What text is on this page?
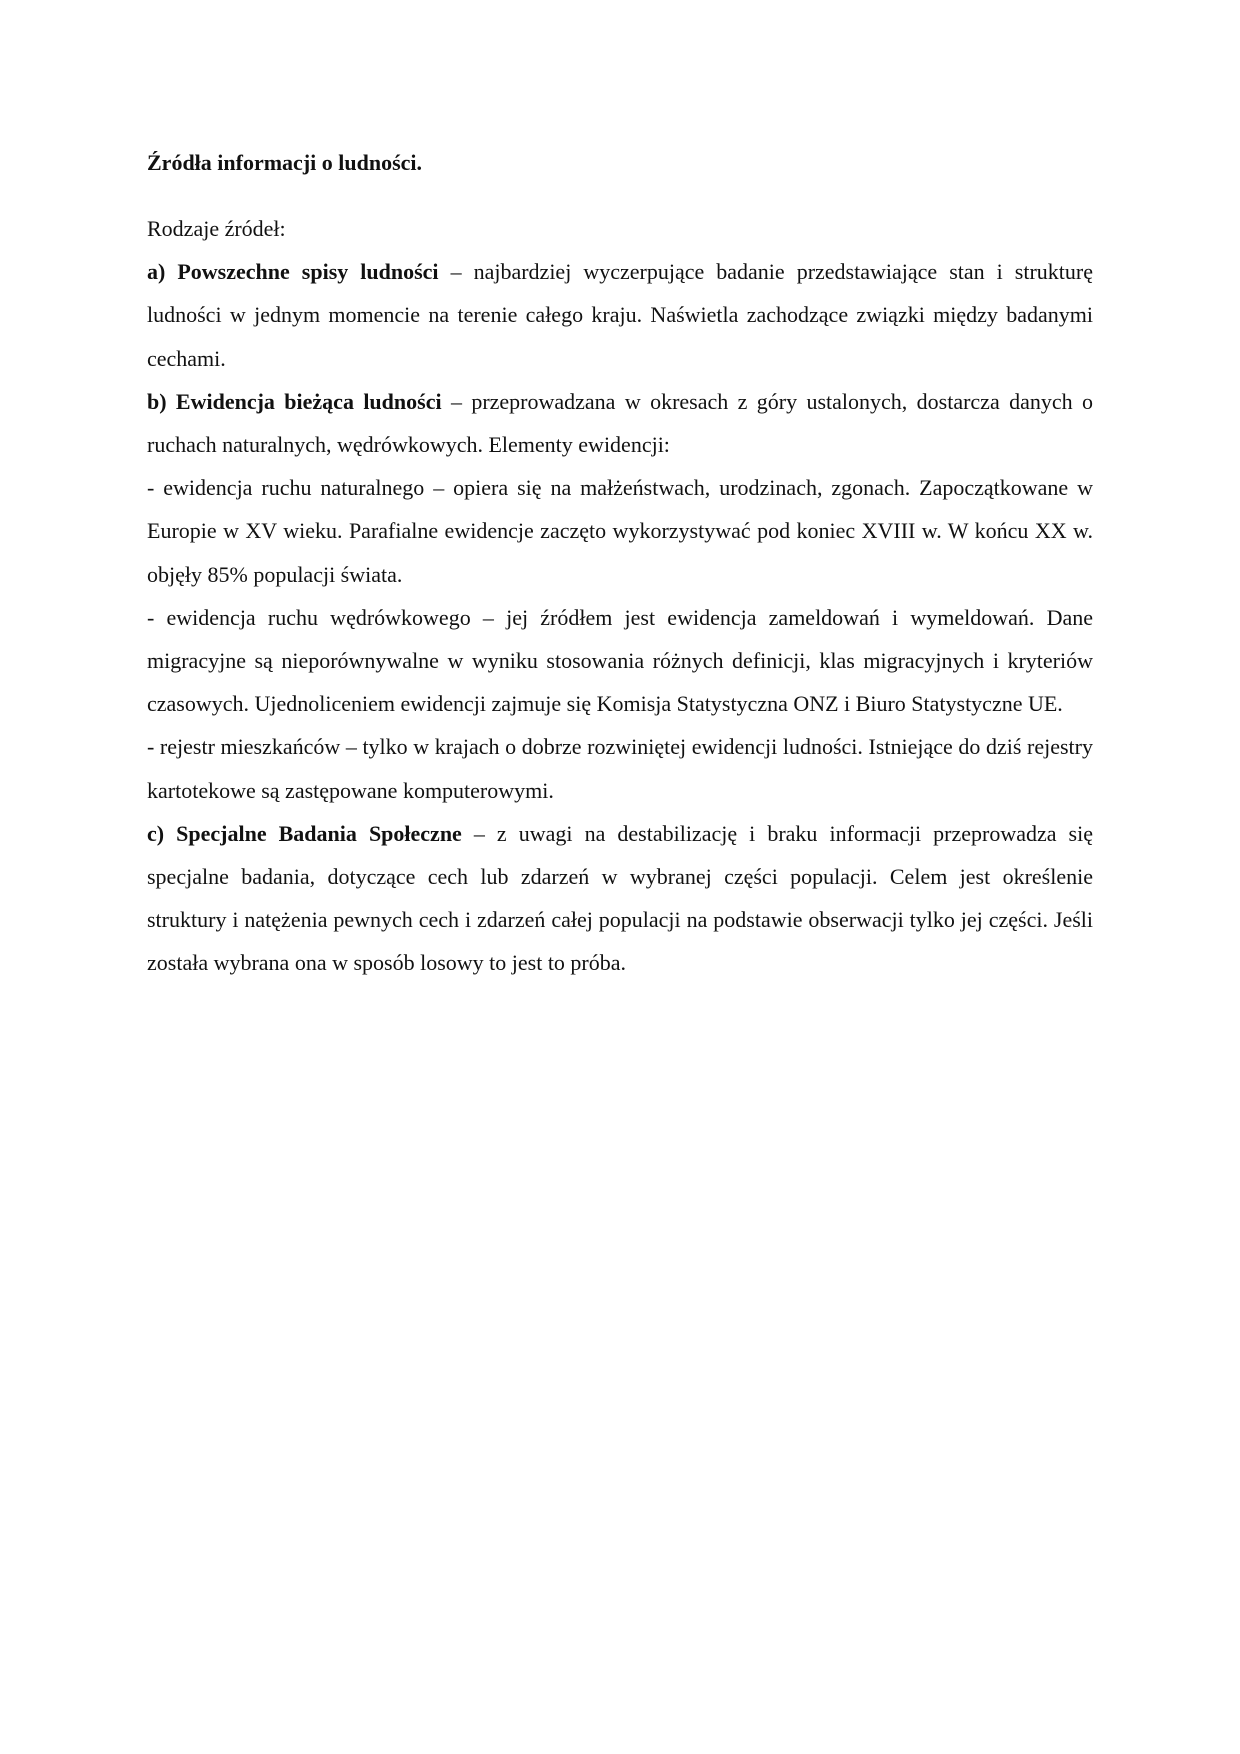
Źródła informacji o ludności.

Rodzaje źródeł:

a) Powszechne spisy ludności – najbardziej wyczerpujące badanie przedstawiające stan i strukturę ludności w jednym momencie na terenie całego kraju. Naświetla zachodzące związki między badanymi cechami.

b) Ewidencja bieżąca ludności – przeprowadzana w okresach z góry ustalonych, dostarcza danych o ruchach naturalnych, wędrówkowych. Elementy ewidencji:

- ewidencja ruchu naturalnego – opiera się na małżeństwach, urodzinach, zgonach. Zapoczątkowane w Europie w XV wieku. Parafialne ewidencje zaczęto wykorzystywać pod koniec XVIII w. W końcu XX w. objęły 85% populacji świata.

- ewidencja ruchu wędrówkowego – jej źródłem jest ewidencja zameldowań i wymeldowań. Dane migracyjne są nieporównywalne w wyniku stosowania różnych definicji, klas migracyjnych i kryteriów czasowych. Ujednoliceniem ewidencji zajmuje się Komisja Statystyczna ONZ i Biuro Statystyczne UE.

- rejestr mieszkańców – tylko w krajach o dobrze rozwiniętej ewidencji ludności. Istniejące do dziś rejestry kartotekowe są zastępowane komputerowymi.

c) Specjalne Badania Społeczne – z uwagi na destabilizację i braku informacji przeprowadza się specjalne badania, dotyczące cech lub zdarzeń w wybranej części populacji. Celem jest określenie struktury i natężenia pewnych cech i zdarzeń całej populacji na podstawie obserwacji tylko jej części. Jeśli została wybrana ona w sposób losowy to jest to próba.
